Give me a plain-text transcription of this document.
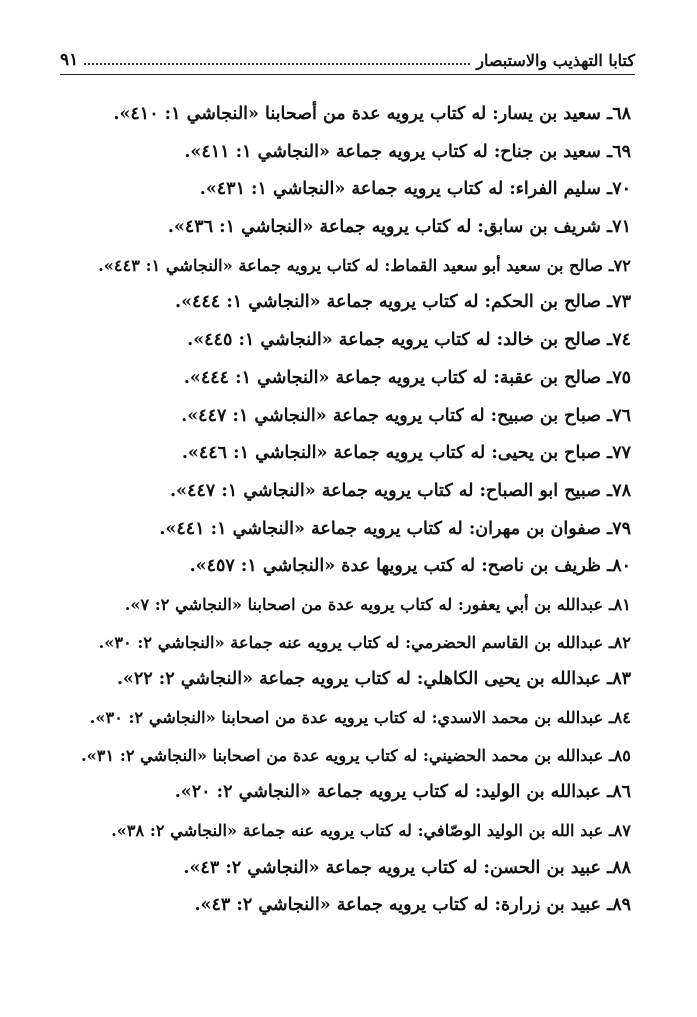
كتابا التهذيب والاستبصار
٩١
٦٨ـ سعيد بن يسار: له كتاب يرويه عدة من أصحابنا «النجاشي ١: ٤١٠».
٦٩ـ سعيد بن جناح: له كتاب يرويه جماعة «النجاشي ١: ٤١١».
٧٠ـ سليم الفراء: له كتاب يرويه جماعة «النجاشي ١: ٤٣١».
٧١ـ شريف بن سابق: له كتاب يرويه جماعة «النجاشي ١: ٤٣٦».
٧٢ـ صالح بن سعيد أبو سعيد القماط: له كتاب يرويه جماعة «النجاشي ١: ٤٤٣».
٧٣ـ صالح بن الحكم: له كتاب يرويه جماعة «النجاشي ١: ٤٤٤».
٧٤ـ صالح بن خالد: له كتاب يرويه جماعة «النجاشي ١: ٤٤٥».
٧٥ـ صالح بن عقبة: له كتاب يرويه جماعة «النجاشي ١: ٤٤٤».
٧٦ـ صباح بن صبيح: له كتاب يرويه جماعة «النجاشي ١: ٤٤٧».
٧٧ـ صباح بن يحيى: له كتاب يرويه جماعة «النجاشي ١: ٤٤٦».
٧٨ـ صبيح ابو الصباح: له كتاب يرويه جماعة «النجاشي ١: ٤٤٧».
٧٩ـ صفوان بن مهران: له كتاب يرويه جماعة «النجاشي ١: ٤٤١».
٨٠ـ ظريف بن ناصح: له كتب يرويها عدة «النجاشي ١: ٤٥٧».
٨١ـ عبدالله بن أبي يعفور: له كتاب يرويه عدة من اصحابنا «النجاشي ٢: ٧».
٨٢ـ عبدالله بن القاسم الحضرمي: له كتاب يرويه عنه جماعة «النجاشي ٢: ٣٠».
٨٣ـ عبدالله بن يحيى الكاهلي: له كتاب يرويه جماعة «النجاشي ٢: ٢٢».
٨٤ـ عبدالله بن محمد الاسدي: له كتاب يرويه عدة من اصحابنا «النجاشي ٢: ٣٠».
٨٥ـ عبدالله بن محمد الحضيني: له كتاب يرويه عدة من اصحابنا «النجاشي ٢: ٣١».
٨٦ـ عبدالله بن الوليد: له كتاب يرويه جماعة «النجاشي ٢: ٢٠».
٨٧ـ عبد الله بن الوليد الوصّافي: له كتاب يرويه عنه جماعة «النجاشي ٢: ٣٨».
٨٨ـ عبيد بن الحسن: له كتاب يرويه جماعة «النجاشي ٢: ٤٣».
٨٩ـ عبيد بن زرارة: له كتاب يرويه جماعة «النجاشي ٢: ٤٣».
